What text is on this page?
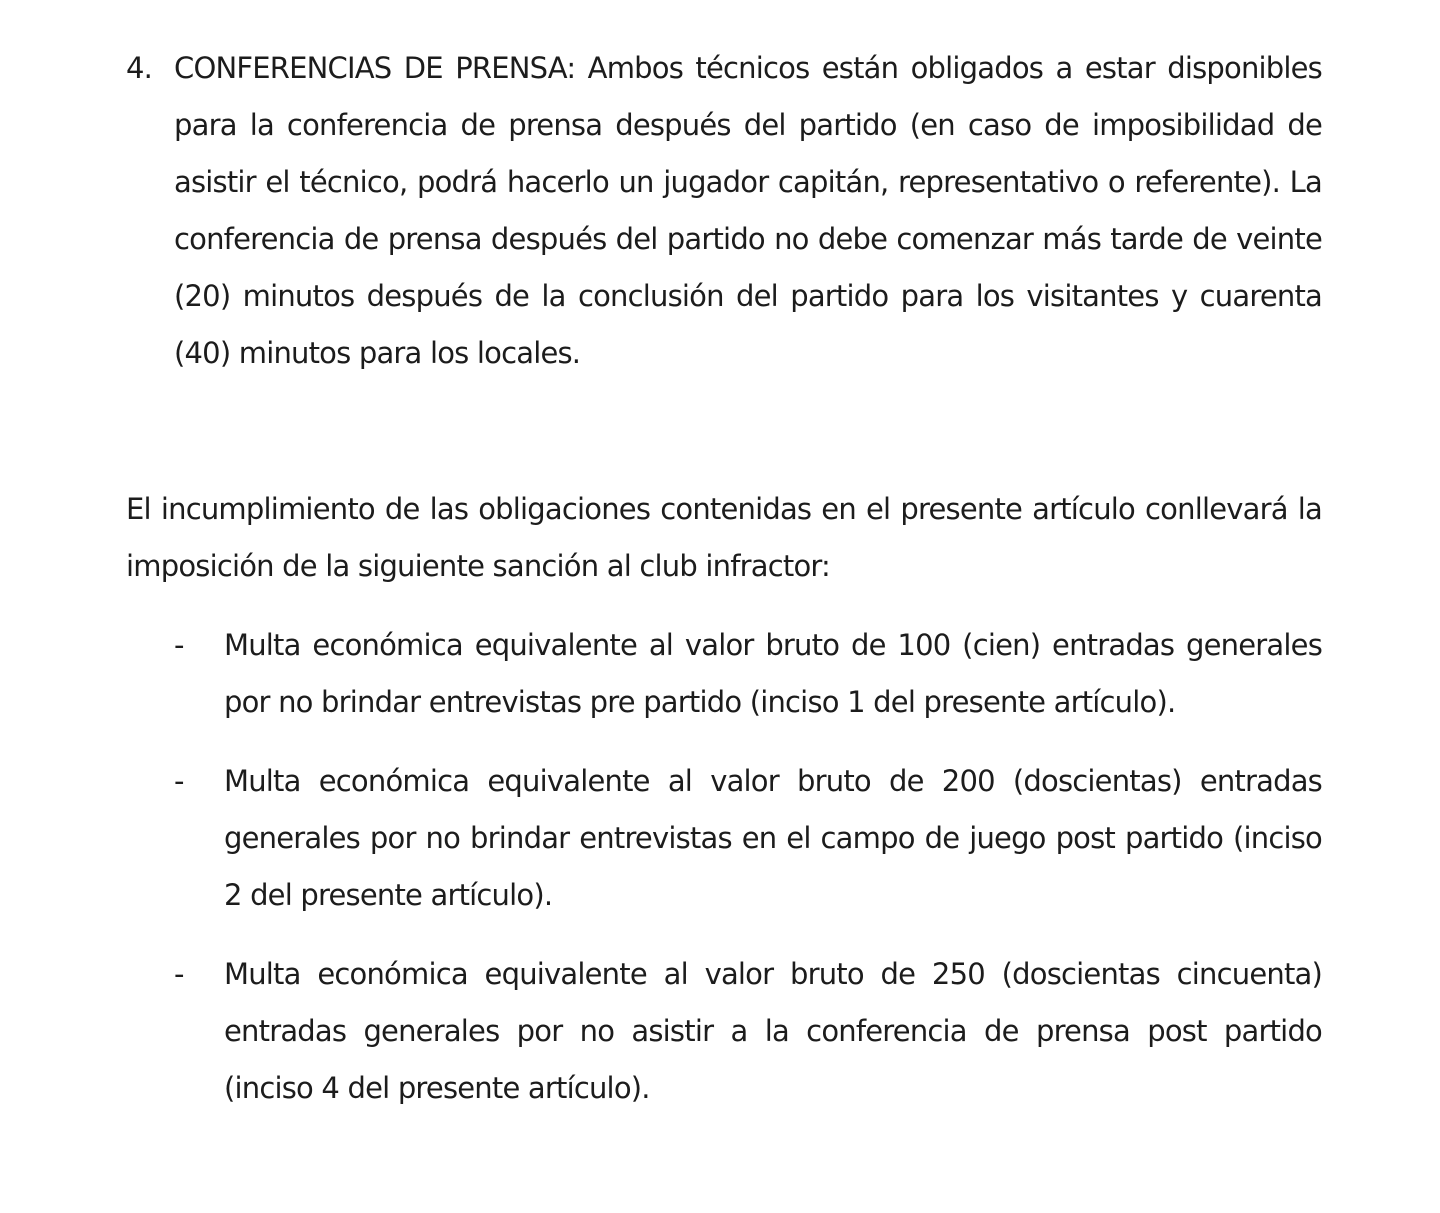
4. CONFERENCIAS DE PRENSA: Ambos técnicos están obligados a estar disponibles para la conferencia de prensa después del partido (en caso de imposibilidad de asistir el técnico, podrá hacerlo un jugador capitán, representativo o referente). La conferencia de prensa después del partido no debe comenzar más tarde de veinte (20) minutos después de la conclusión del partido para los visitantes y cuarenta (40) minutos para los locales.

El incumplimiento de las obligaciones contenidas en el presente artículo conllevará la imposición de la siguiente sanción al club infractor:

-	Multa económica equivalente al valor bruto de 100 (cien) entradas generales por no brindar entrevistas pre partido (inciso 1 del presente artículo).

-	Multa económica equivalente al valor bruto de 200 (doscientas) entradas generales por no brindar entrevistas en el campo de juego post partido (inciso 2 del presente artículo).

-	Multa económica equivalente al valor bruto de 250 (doscientas cincuenta) entradas generales por no asistir a la conferencia de prensa post partido (inciso 4 del presente artículo).
